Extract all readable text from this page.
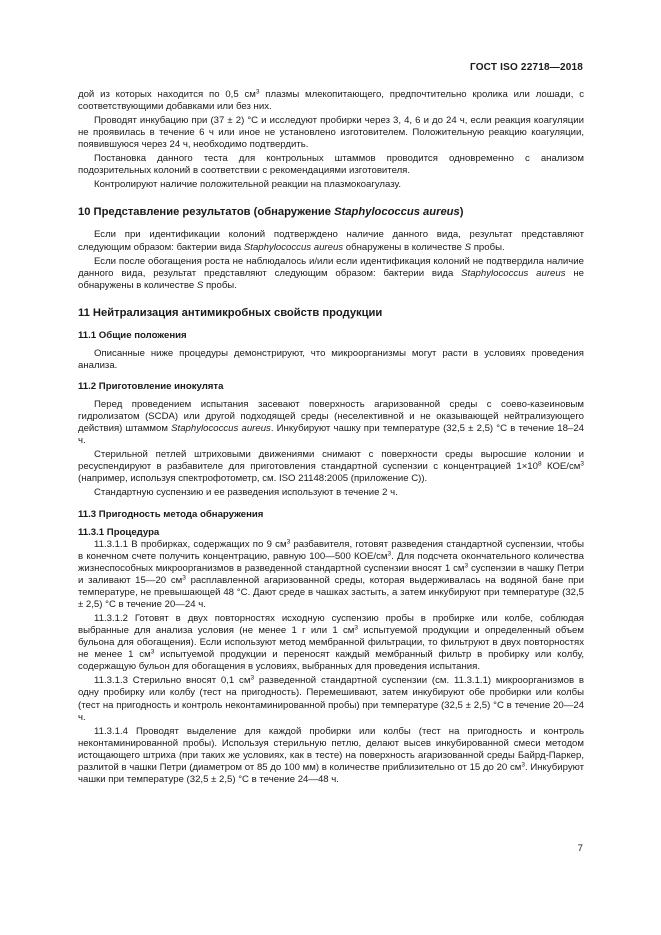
ГОСТ ISO 22718—2018

дой из которых находится по 0,5 $см^3$ плазмы млекопитающего, предпочтительно кролика или лошади, с соответствующими добавками или без них.

Проводят инкубацию при (37 ± 2) °С и исследуют пробирки через 3, 4, 6 и до 24 ч, если реакция коагуляции не проявилась в течение 6 ч или иное не установлено изготовителем. Положительную реакцию коагуляции, появившуюся через 24 ч, необходимо подтвердить.

Постановка данного теста для контрольных штаммов проводится одновременно с анализом подозрительных колоний в соответствии с рекомендациями изготовителя.

Контролируют наличие положительной реакции на плазмокоагулазу.

10 Представление результатов (обнаружение Staphylococcus aureus)

Если при идентификации колоний подтверждено наличие данного вида, результат представляют следующим образом: бактерии вида Staphylococcus aureus обнаружены в количестве S пробы.

Если после обогащения роста не наблюдалось и/или если идентификация колоний не подтвердила наличие данного вида, результат представляют следующим образом: бактерии вида Staphylococcus aureus не обнаружены в количестве S пробы.

11 Нейтрализация антимикробных свойств продукции
11.1 Общие положения

Описанные ниже процедуры демонстрируют, что микроорганизмы могут расти в условиях проведения анализа.

11.2 Приготовление инокулята

Перед проведением испытания засевают поверхность агаризованной среды с соево-казеиновым гидролизатом (SCDA) или другой подходящей среды (неселективной и не оказывающей нейтрализующего действия) штаммом Staphylococcus aureus. Инкубируют чашку при температуре (32,5 ± 2,5) °С в течение 18–24 ч.

Стерильной петлей штриховыми движениями снимают с поверхности среды выросшие колонии и ресуспендируют в разбавителе для приготовления стандартной суспензии с концентрацией $1\times 10^8$ КОЕ/$см^3$ (например, используя спектрофотометр, см. ISO 21148:2005 (приложение С)).

Стандартную суспензию и ее разведения используют в течение 2 ч.

11.3 Пригодность метода обнаружения
11.3.1 Процедура

11.3.1.1 В пробирках, содержащих по 9 $см^3$ разбавителя, готовят разведения стандартной суспензии, чтобы в конечном счете получить концентрацию, равную 100—500 КОЕ/$см^3$. Для подсчета окончательного количества жизнеспособных микроорганизмов в разведенной стандартной суспензии вносят 1 $см^3$ суспензии в чашку Петри и заливают 15—20 $см^3$ расплавленной агаризованной среды, которая выдерживалась на водяной бане при температуре, не превышающей 48 °С. Дают среде в чашках застыть, а затем инкубируют при температуре (32,5 ± 2,5) °С в течение 20—24 ч.

11.3.1.2 Готовят в двух повторностях исходную суспензию пробы в пробирке или колбе, соблюдая выбранные для анализа условия (не менее 1 г или 1 $см^3$ испытуемой продукции и определенный объем бульона для обогащения). Если используют метод мембранной фильтрации, то фильтруют в двух повторностях не менее 1 $см^3$ испытуемой продукции и переносят каждый мембранный фильтр в пробирку или колбу, содержащую бульон для обогащения в условиях, выбранных для проведения испытания.

11.3.1.3 Стерильно вносят 0,1 $см^3$ разведенной стандартной суспензии (см. 11.3.1.1) микроорганизмов в одну пробирку или колбу (тест на пригодность). Перемешивают, затем инкубируют обе пробирки или колбы (тест на пригодность и контроль неконтаминированной пробы) при температуре (32,5 ± 2,5) °С в течение 20—24 ч.

11.3.1.4 Проводят выделение для каждой пробирки или колбы (тест на пригодность и контроль неконтаминированной пробы). Используя стерильную петлю, делают высев инкубированной смеси методом истощающего штриха (при таких же условиях, как в тесте) на поверхность агаризованной среды Байрд-Паркер, разлитой в чашки Петри (диаметром от 85 до 100 мм) в количестве приблизительно от 15 до 20 $см^3$. Инкубируют чашки при температуре (32,5 ± 2,5) °С в течение 24—48 ч.

7
